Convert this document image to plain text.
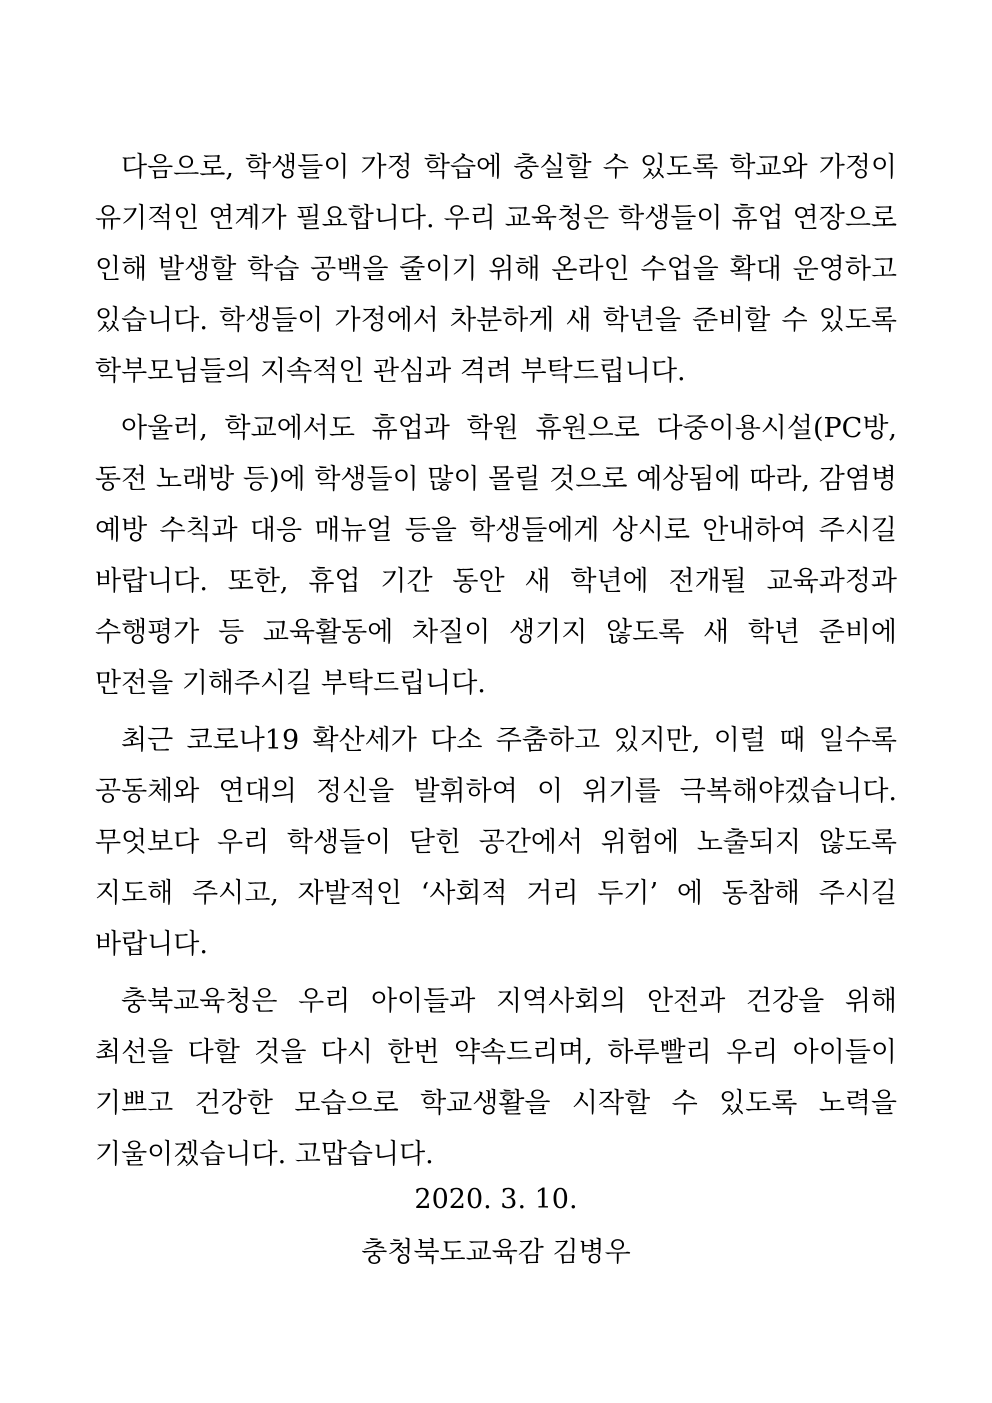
다음으로, 학생들이 가정 학습에 충실할 수 있도록 학교와 가정이 유기적인 연계가 필요합니다. 우리 교육청은 학생들이 휴업 연장으로 인해 발생할 학습 공백을 줄이기 위해 온라인 수업을 확대 운영하고 있습니다. 학생들이 가정에서 차분하게 새 학년을 준비할 수 있도록 학부모님들의 지속적인 관심과 격려 부탁드립니다.

아울러, 학교에서도 휴업과 학원 휴원으로 다중이용시설(PC방, 동전 노래방 등)에 학생들이 많이 몰릴 것으로 예상됨에 따라, 감염병 예방 수칙과 대응 매뉴얼 등을 학생들에게 상시로 안내하여 주시길 바랍니다. 또한, 휴업 기간 동안 새 학년에 전개될 교육과정과 수행평가 등 교육활동에 차질이 생기지 않도록 새 학년 준비에 만전을 기해주시길 부탁드립니다.

최근 코로나19 확산세가 다소 주춤하고 있지만, 이럴 때 일수록 공동체와 연대의 정신을 발휘하여 이 위기를 극복해야겠습니다. 무엇보다 우리 학생들이 닫힌 공간에서 위험에 노출되지 않도록 지도해 주시고, 자발적인 ‘사회적 거리 두기’ 에 동참해 주시길 바랍니다.

충북교육청은 우리 아이들과 지역사회의 안전과 건강을 위해 최선을 다할 것을 다시 한번 약속드리며, 하루빨리 우리 아이들이 기쁘고 건강한 모습으로 학교생활을 시작할 수 있도록 노력을 기울이겠습니다. 고맙습니다.

2020. 3. 10.
충청북도교육감 김병우
